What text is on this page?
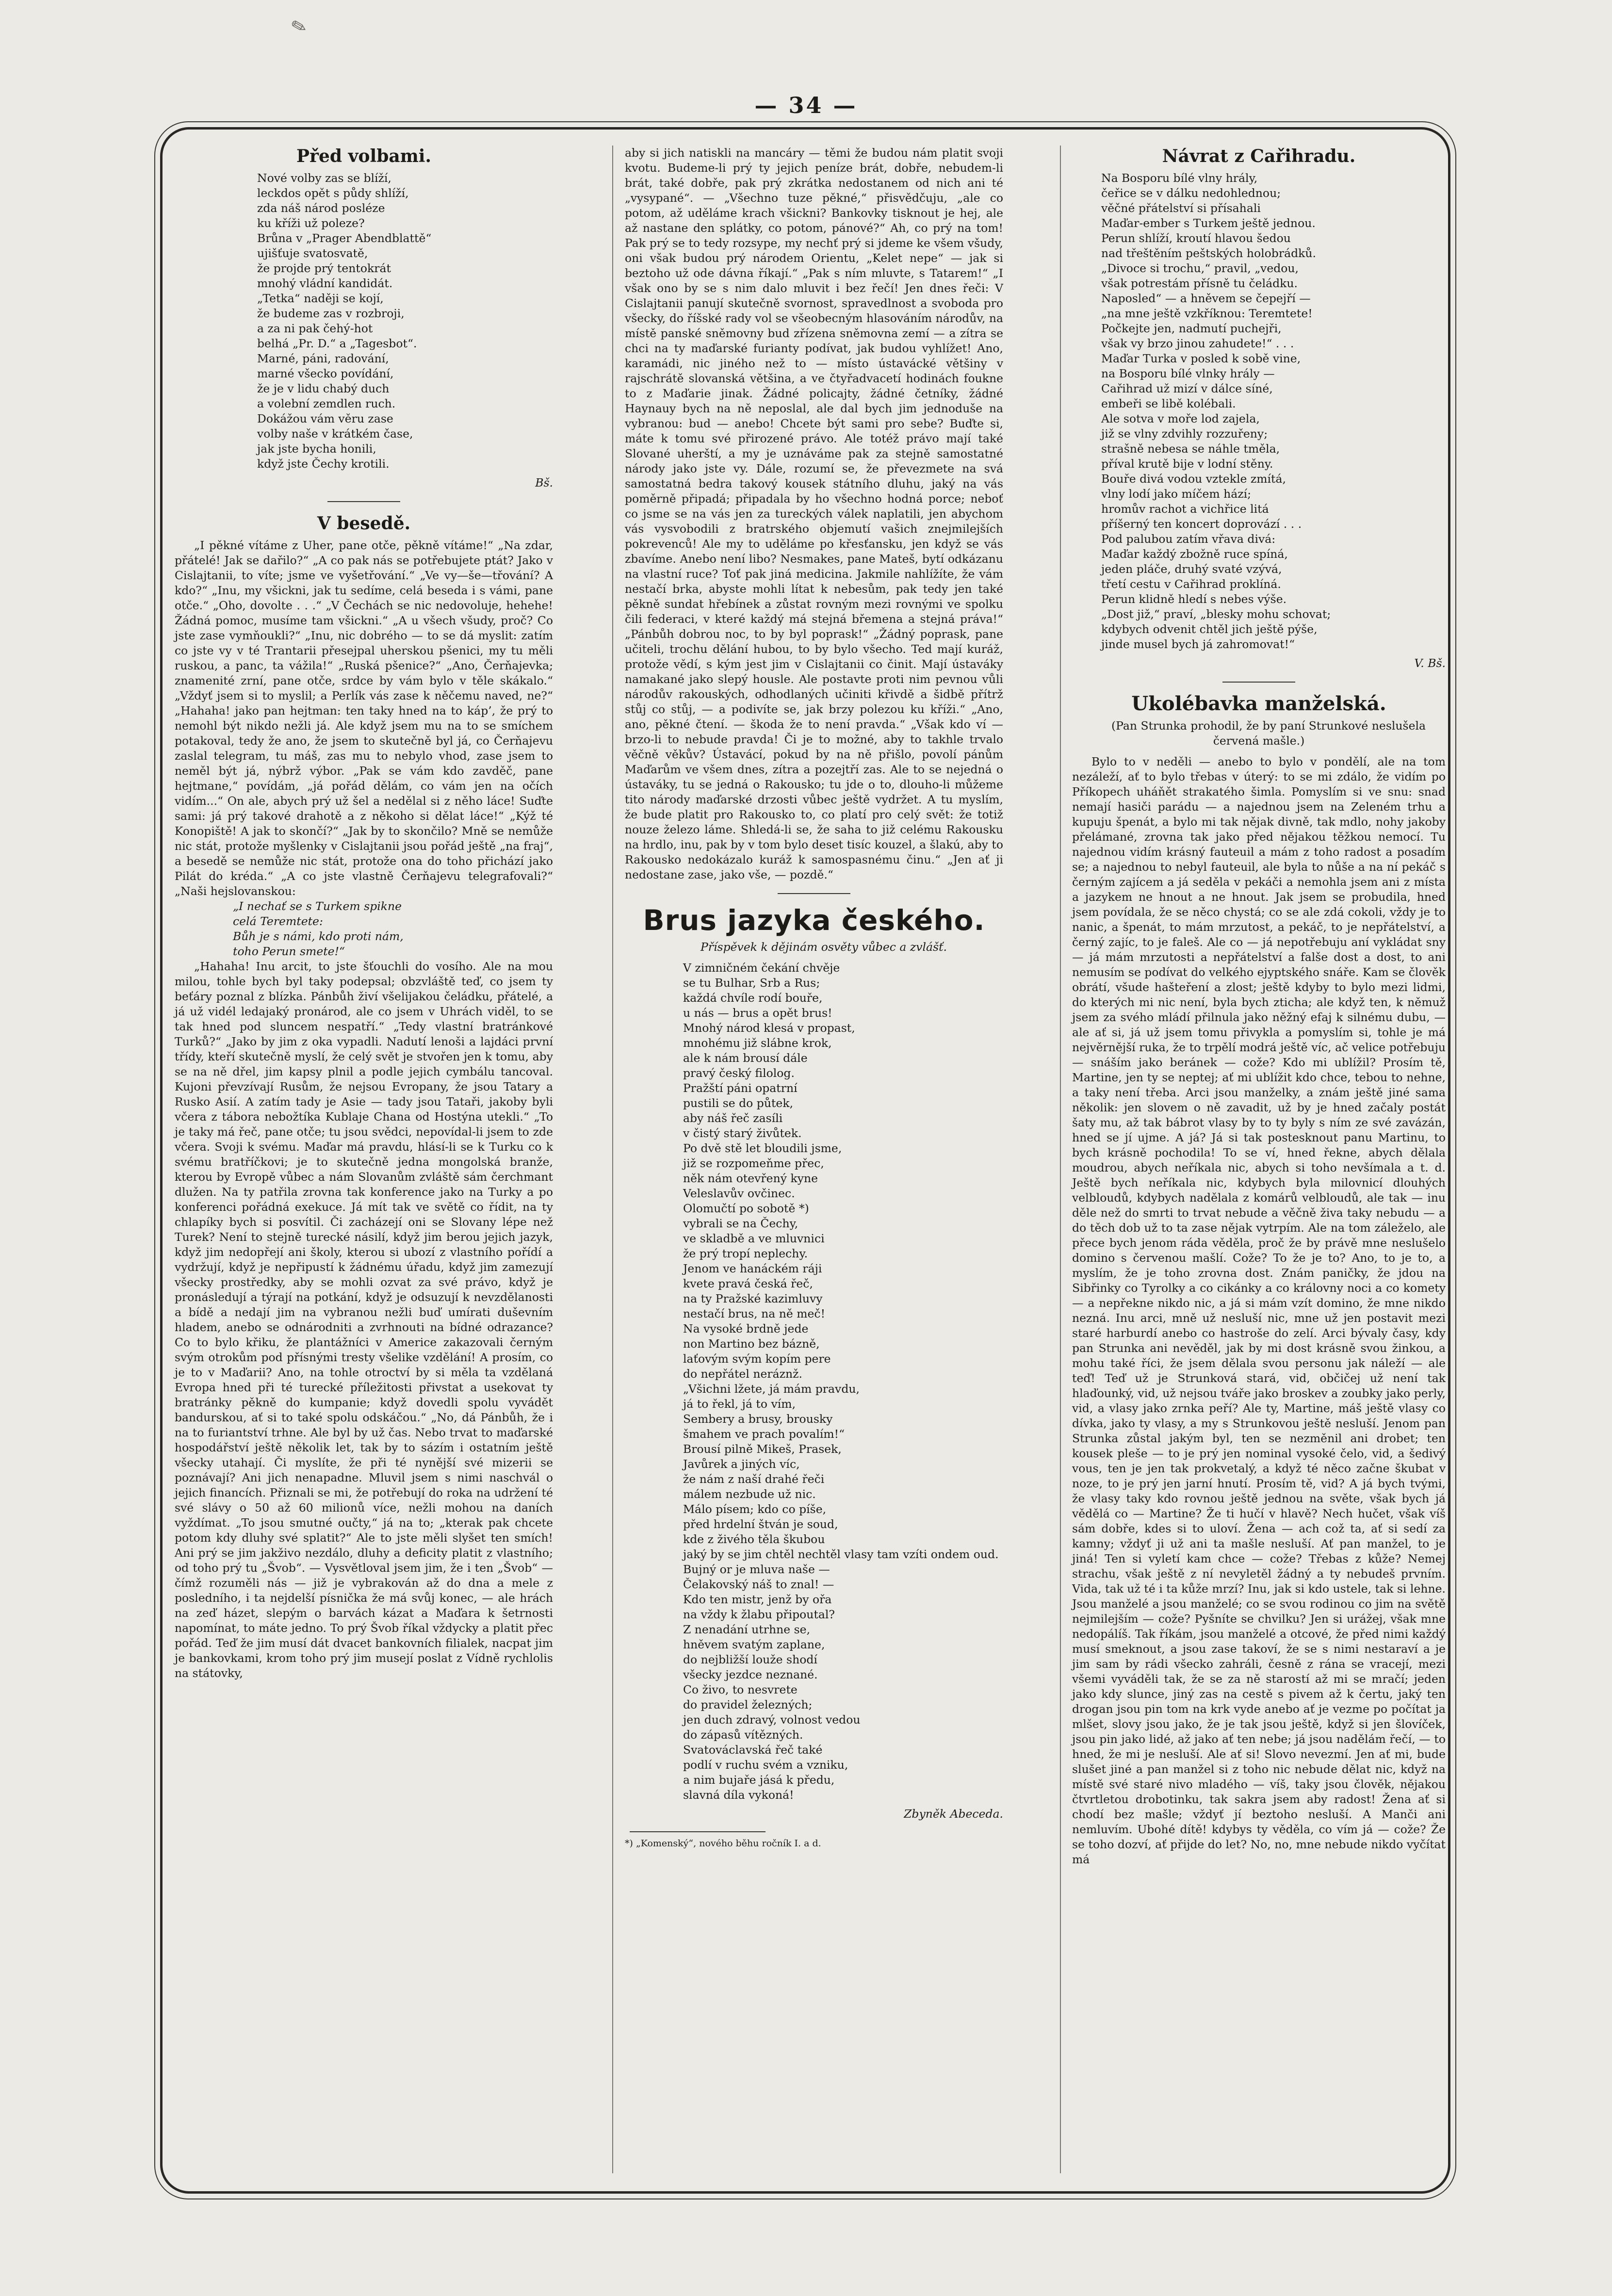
✎
— 34 —
Před volbami.

Nové volby zas se blíží,
leckdos opět s půdy shlíží,
zda náš národ posléze
ku kříži už poleze?
Brůna v „Prager Abendblattě“
ujišťuje svatosvatě,
že projde prý tentokrát
mnohý vládní kandidát.
„Tetka“ naději se kojí,
že budeme zas v rozbroji,
a za ni pak čehý-hot
belhá „Pr. D.“ a „Tagesbot“.
Marné, páni, radování,
marné všecko povídání,
že je v lidu chabý duch
a volební zemdlen ruch.
Dokážou vám věru zase
volby naše v krátkém čase,
jak jste bycha honili,
když jste Čechy krotili.

Bš.

V besedě.

„I pěkné vítáme z Uher, pane otče, pěkně vítáme!“ „Na zdar, přátelé! Jak se dařilo?“ „A co pak nás se potřebujete ptát? Jako v Cislajtanii, to víte; jsme ve vyšetřování.“ „Ve vy—še—třování? A kdo?“ „Inu, my všickni, jak tu sedíme, celá beseda i s vámi, pane otče.“ „Oho, dovolte . . .“ „V Čechách se nic nedovoluje, hehehe! Žádná pomoc, musíme tam všickni.“ „A u všech všudy, proč? Co jste zase vymňoukli?“ „Inu, nic dobrého — to se dá myslit: zatím co jste vy v té Trantarii přesejpal uherskou pšenici, my tu měli ruskou, a panc, ta vážila!“ „Ruská pšenice?“ „Ano, Čerňajevka; znamenité zrní, pane otče, srdce by vám bylo v těle skákalo.“ „Vždyť jsem si to myslil; a Perlík vás zase k něčemu naved, ne?“ „Hahaha! jako pan hejtman: ten taky hned na to káp’, že prý to nemohl být nikdo nežli já. Ale když jsem mu na to se smíchem potakoval, tedy že ano, že jsem to skutečně byl já, co Čerňajevu zaslal telegram, tu máš, zas mu to nebylo vhod, zase jsem to neměl být já, nýbrž výbor. „Pak se vám kdo zavděč, pane hejtmane,“ povídám, „já pořád dělám, co vám jen na očích vidím...“ On ale, abych prý už šel a nedělal si z něho láce! Suďte sami: já prý takové drahotě a z někoho si dělat láce!“ „Kýž té Konopiště! A jak to skončí?“ „Jak by to skončilo? Mně se nemůže nic stát, protože myšlenky v Cislajtanii jsou pořád ještě „na fraj“, a besedě se nemůže nic stát, protože ona do toho přichází jako Pilát do kréda.“ „A co jste vlastně Čerňajevu telegrafovali?“ „Naši hejslovanskou:

„I nechať se s Turkem spikne
celá Teremtete:
Bůh je s námi, kdo proti nám,
toho Perun smete!“

„Hahaha! Inu arcit, to jste šťouchli do vosího. Ale na mou milou, tohle bych byl taky podepsal; obzvláště teď, co jsem ty beťáry poznal z blízka. Pánbůh živí všelijakou čeládku, přátelé, a já už vidél ledajaký pronárod, ale co jsem v Uhrách viděl, to se tak hned pod sluncem nespatří.“ „Tedy vlastní bratránkové Turků?“ „Jako by jim z oka vypadli. Nadutí lenoši a lajdáci první třídy, kteří skutečně myslí, že celý svět je stvořen jen k tomu, aby se na ně dřel, jim kapsy plnil a podle jejich cymbálu tancoval. Kujoni převzívají Rusům, že nejsou Evropany, že jsou Tatary a Rusko Asií. A zatím tady je Asie — tady jsou Tataři, jakoby byli včera z tábora nebožtíka Kublaje Chana od Hostýna utekli.“ „To je taky má řeč, pane otče; tu jsou svědci, nepovídal-li jsem to zde včera. Svoji k svému. Maďar má pravdu, hlásí-li se k Turku co k svému bratříčkovi; je to skutečně jedna mongolská branže, kterou by Evropě vůbec a nám Slovanům zvláště sám čerchmant dlužen. Na ty patřila zrovna tak konference jako na Turky a po konferenci pořádná exekuce. Já mít tak ve světě co řídit, na ty chlapíky bych si posvítil. Či zacházejí oni se Slovany lépe než Turek? Není to stejně turecké násilí, když jim berou jejich jazyk, když jim nedopřejí ani školy, kterou si ubozí z vlastního pořídí a vydržují, když je nepřipustí k žádnému úřadu, když jim zamezují všecky prostředky, aby se mohli ozvat za své právo, když je pronásledují a týrají na potkání, když je odsuzují k nevzdělanosti a bídě a nedají jim na vybranou nežli buď umírati duševním hladem, anebo se odnárodniti a zvrhnouti na bídné odrazance? Co to bylo křiku, že plantážníci v Americe zakazovali černým svým otrokům pod přísnými tresty všelike vzdělání! A prosím, co je to v Maďarii? Ano, na tohle otroctví by si měla ta vzdělaná Evropa hned při té turecké příležitosti přivstat a usekovat ty bratránky pěkně do kumpanie; když dovedli spolu vyvádět bandurskou, ať si to také spolu odskáčou.“ „No, dá Pánbůh, že i na to furiantství trhne. Ale byl by už čas. Nebo trvat to maďarské hospodářství ještě několik let, tak by to sázím i ostatním ještě všecky utahají. Či myslíte, že při té nynější své mizerii se poznávají? Ani jich nenapadne. Mluvil jsem s nimi naschvál o jejich financích. Přiznali se mi, že potřebují do roka na udržení té své slávy o 50 až 60 milionů více, nežli mohou na daních vyždímat. „To jsou smutné oučty,“ já na to; „kterak pak chcete potom kdy dluhy své splatit?“ Ale to jste měli slyšet ten smích! Ani prý se jim jakživo nezdálo, dluhy a deficity platit z vlastního; od toho prý tu „Švob“. — Vysvětloval jsem jim, že i ten „Švob“ — čímž rozuměli nás — již je vybrakován až do dna a mele z posledního, i ta nejdelší písnička že má svůj konec, — ale hrách na zeď házet, slepým o barvách kázat a Maďara k šetrnosti napomínat, to máte jedno. To prý Švob říkal vždycky a platit přec pořád. Teď že jim musí dát dvacet bankovních filialek, nacpat jim je bankovkami, krom toho prý jim musejí poslat z Vídně rychlolis na státovky,

aby si jich natiskli na mancáry — těmi že budou nám platit svoji kvotu. Budeme-li prý ty jejich peníze brát, dobře, nebudem-li brát, také dobře, pak prý zkrátka nedostanem od nich ani té „vysypané“. — „Všechno tuze pěkné,“ přisvědčuju, „ale co potom, až uděláme krach všickni? Bankovky tisknout je hej, ale až nastane den splátky, co potom, pánové?“ Ah, co prý na tom! Pak prý se to tedy rozsype, my nechť prý si jdeme ke všem všudy, oni však budou prý národem Orientu, „Kelet nepe“ — jak si beztoho už ode dávna říkají.“ „Pak s ním mluvte, s Tatarem!“ „I však ono by se s nim dalo mluvit i bez řečí! Jen dnes řeči: V Cislajtanii panují skutečně svornost, spravedlnost a svoboda pro všecky, do říšské rady vol se všeobecným hlasováním národův, na místě panské sněmovny bud zřízena sněmovna zemí — a zítra se chci na ty maďarské furianty podívat, jak budou vyhlížet! Ano, karamádi, nic jiného než to — místo ústavácké většiny v rajschrátě slovanská většina, a ve čtyřadvacetí hodinách foukne to z Maďarie jinak. Žádné policajty, žádné četníky, žádné Haynauy bych na ně neposlal, ale dal bych jim jednoduše na vybranou: bud — anebo! Chcete být sami pro sebe? Buďte si, máte k tomu své přirozené právo. Ale totéž právo mají také Slované uherští, a my je uznáváme pak za stejně samostatné národy jako jste vy. Dále, rozumí se, že převezmete na svá samostatná bedra takový kousek státního dluhu, jaký na vás poměrně připadá; připadala by ho všechno hodná porce; neboť co jsme se na vás jen za tureckých válek naplatili, jen abychom vás vysvobodili z bratrského objemutí vašich znejmilejších pokrevenců! Ale my to uděláme po křesťansku, jen když se vás zbavíme. Anebo není libo? Nesmakes, pane Mateš, bytí odkázanu na vlastní ruce? Toť pak jiná medicina. Jakmile nahlížíte, že vám nestačí brka, abyste mohli lítat k nebesům, pak tedy jen také pěkně sundat hřebínek a zůstat rovným mezi rovnými ve spolku čili federaci, v které každý má stejná břemena a stejná práva!“ „Pánbůh dobrou noc, to by byl poprask!“ „Žádný poprask, pane učiteli, trochu dělání hubou, to by bylo všecho. Ted mají kuráž, protože vědí, s kým jest jim v Cislajtanii co činit. Mají ústaváky namakané jako slepý housle. Ale postavte proti nim pevnou vůli národův rakouských, odhodlaných učiniti křivdě a šidbě přítrž stůj co stůj, — a podivíte se, jak brzy polezou ku kříži.“ „Ano, ano, pěkné čtení. — škoda že to není pravda.“ „Však kdo ví — brzo-li to nebude pravda! Či je to možné, aby to takhle trvalo věčně věkův? Ústavácí, pokud by na ně přišlo, povolí pánům Maďarům ve všem dnes, zítra a pozejtří zas. Ale to se nejedná o ústaváky, tu se jedná o Rakousko; tu jde o to, dlouho-li můžeme tito národy maďarské drzosti vůbec ještě vydržet. A tu myslím, že bude platit pro Rakousko to, co platí pro celý svět: že totiž nouze železo láme. Shledá-li se, že saha to již celému Rakousku na hrdlo, inu, pak by v tom bylo deset tisíc kouzel, a šlakú, aby to Rakousko nedokázalo kuráž k samospasnému činu.“ „Jen ať ji nedostane zase, jako vše, — pozdě.“

Brus jazyka českého.

Příspěvek k dějinám osvěty vůbec a zvlášť.

V zimničném čekání chvěje
se tu Bulhar, Srb a Rus;
každá chvíle rodí bouře,
u nás — brus a opět brus!
Mnohý národ klesá v propast,
mnohému již slábne krok,
ale k nám brousí dále
pravý český filolog.
Pražští páni opatrní
pustili se do půtek,
aby náš řeč zasíli
v čistý starý živůtek.
Po dvě stě let bloudili jsme,
již se rozpomeňme přec,
něk nám otevřený kyne
Veleslavův ovčinec.
Olomučtí po sobotě *)
vybrali se na Čechy,
ve skladbě a ve mluvnici
že prý tropí neplechy.
Jenom ve hanáckém ráji
kvete pravá česká řeč,
na ty Pražské kazimluvy
nestačí brus, na ně meč!
Na vysoké brdně jede
non Martino bez bázně,
laťovým svým kopím pere
do nepřátel neráznž.
„Všichni lžete, já mám pravdu,
já to řekl, já to vím,
Sembery a brusy, brousky
šmahem ve prach povalím!“
Brousí pilně Mikeš, Prasek,
Javůrek a jiných víc,
že nám z naší drahé řeči
málem nezbude už nic.
Málo písem; kdo co píše,
před hrdelní štván je soud,
kde z živého těla škubou
jaký by se jim chtěl nechtěl vlasy tam vzíti ondem oud.
Bujný or je mluva naše —
Čelakovský náš to znal! —
Kdo ten mistr, jenž by ořa
na vždy k žlabu připoutal?
Z nenadání utrhne se,
hněvem svatým zaplane,
do nejbližší louže shodí
všecky jezdce neznané.
Co živo, to nesvrete
do pravidel železných;
jen duch zdravý, volnost vedou
do zápasů vítězných.
Svatováclavská řeč také
podlí v ruchu svém a vzniku,
a nim bujaře jásá k předu,
slavná díla vykoná!

Zbyněk Abeceda.

*) „Komenský“, nového běhu ročník I. a d.

Návrat z Cařihradu.

Na Bosporu bílé vlny hrály,
čeřice se v dálku nedohlednou;
věčné přátelství si přísahali
Maďar-ember s Turkem ještě jednou.
Perun shlíží, kroutí hlavou šedou
nad třeštěním peštských holobrádků.
„Divoce si trochu,“ pravil, „vedou,
však potrestám přísně tu čeládku.
Naposled“ — a hněvem se čepejří —
„na mne ještě vzkříknou: Teremtete!
Počkejte jen, nadmutí puchejři,
však vy brzo jinou zahudete!“ . . .
Maďar Turka v posled k sobě vine,
na Bosporu bílé vlnky hrály —
Cařihrad už mizí v dálce síné,
embeři se libě kolébali.
Ale sotva v moře lod zajela,
již se vlny zdvihly rozzuřeny;
strašně nebesa se náhle tměla,
příval krutě bije v lodní stěny.
Bouře divá vodou vztekle zmítá,
vlny lodí jako míčem hází;
hromův rachot a vichřice litá
příšerný ten koncert doprovází . . .
Pod palubou zatím vřava divá:
Maďar každý zbožně ruce spíná,
jeden pláče, druhý svaté vzývá,
třetí cestu v Cařihrad proklíná.
Perun klidně hledí s nebes výše.
„Dost již,“ praví, „blesky mohu schovat;
kdybych odvenit chtěl jich ještě pýše,
jinde musel bych já zahromovat!“

V. Bš.

Ukolébavka manželská.

(Pan Strunka prohodil, že by paní Strunkové neslušela červená mašle.)

Bylo to v neděli — anebo to bylo v pondělí, ale na tom nezáleží, ať to bylo třebas v úterý: to se mi zdálo, že vidím po Příkopech uháňět strakatého šimla. Pomyslím si ve snu: snad nemají hasiči parádu — a najednou jsem na Zeleném trhu a kupuju špenát, a bylo mi tak nějak divně, tak mdlo, nohy jakoby přelámané, zrovna tak jako před nějakou těžkou nemocí. Tu najednou vidím krásný fauteuil a mám z toho radost a posadím se; a najednou to nebyl fauteuil, ale byla to nůše a na ní pekáč s černým zajícem a já seděla v pekáči a nemohla jsem ani z místa a jazykem ne hnout a ne hnout. Jak jsem se probudila, hned jsem povídala, že se něco chystá; co se ale zdá cokoli, vždy je to nanic, a špenát, to mám mrzutost, a pekáč, to je nepřátelství, a černý zajíc, to je faleš. Ale co — já nepotřebuju aní vykládat sny — já mám mrzutosti a nepřátelství a falše dost a dost, to ani nemusím se podívat do velkého ejyptského snáře. Kam se člověk obrátí, všude hašteření a zlost; ještě kdyby to bylo mezi lidmi, do kterých mi nic není, byla bych zticha; ale když ten, k němuž jsem za svého mládí přilnula jako něžný efaj k silnému dubu, — ale ať si, já už jsem tomu přivykla a pomyslím si, tohle je má nejvěrnější ruka, že to trpělí modrá ještě víc, ač velice potřebuju — snáším jako beránek — cože? Kdo mi ublížil? Prosím tě, Martine, jen ty se neptej; ať mi ublížit kdo chce, tebou to nehne, a taky není třeba. Arci jsou manželky, a znám ještě jiné sama několik: jen slovem o ně zavadit, už by je hned začaly postát šaty mu, až tak bábrot vlasy by to ty byly s ním ze své zavázán, hned se jí ujme. A já? Já si tak postesknout panu Martinu, to bych krásně pochodila! To se ví, hned řekne, abych dělala moudrou, abych neříkala nic, abych si toho nevšímala a t. d. Ještě bych neříkala nic, kdybych byla milovnicí dlouhých velbloudů, kdybych nadělala z komárů velbloudů, ale tak — inu děle než do smrti to trvat nebude a věčně živa taky nebudu — a do těch dob už to ta zase nějak vytrpím. Ale na tom záleželo, ale přece bych jenom ráda věděla, proč že by právě mne neslušelo domino s červenou mašlí. Cože? To že je to? Ano, to je to, a myslím, že je toho zrovna dost. Znám paničky, že jdou na Sibřinky co Tyrolky a co cikánky a co královny noci a co komety — a nepřekne nikdo nic, a já si mám vzít domino, že mne nikdo nezná. Inu arci, mně už nesluší nic, mne už jen postavit mezi staré harburdí anebo co hastroše do zelí. Arci bývaly časy, kdy pan Strunka ani nevěděl, jak by mi dost krásně svou žinkou, a mohu také říci, že jsem dělala svou personu jak náleží — ale teď! Teď už je Strunková stará, vid, občičej už není tak hlaďounký, vid, už nejsou tváře jako broskev a zoubky jako perly, vid, a vlasy jako zrnka peří? Ale ty, Martine, máš ještě vlasy co dívka, jako ty vlasy, a my s Strunkovou ještě nesluší. Jenom pan Strunka zůstal jakým byl, ten se nezměnil ani drobet; ten kousek pleše — to je prý jen nominal vysoké čelo, vid, a šedivý vous, ten je jen tak prokvetalý, a když té něco začne škubat v noze, to je prý jen jarní hnutí. Prosím tě, vid? A já bych tvými, že vlasy taky kdo rovnou ještě jednou na světe, však bych já vědělá co — Martine? Že ti hučí v hlavě? Nech hučet, však víš sám dobře, kdes si to uloví. Žena — ach což ta, ať si sedí za kamny; vždyť ji už ani ta mašle nesluší. Ať pan manžel, to je jiná! Ten si vyletí kam chce — cože? Třebas z kůže? Nemej strachu, však ještě z ní nevyletěl žádný a ty nebudeš prvním. Vida, tak už té i ta kůže mrzí? Inu, jak si kdo ustele, tak si lehne. Jsou manželé a jsou manželé; co se svou rodinou co jim na světě nejmilejším — cože? Pyšníte se chvilku? Jen si urážej, však mne nedopálíš. Tak říkám, jsou manželé a otcové, že před nimi každý musí smeknout, a jsou zase takoví, že se s nimi nestaraví a je jim sam by rádi všecko zahráli, česně z rána se vracejí, mezi všemi vyváděli tak, že se za ně starostí až mi se mračí; jeden jako kdy slunce, jiný zas na cestě s pivem až k čertu, jaký ten drogan jsou pin tom na krk vyde anebo ať je vezme po počítat ja mlšet, slovy jsou jako, že je tak jsou ještě, když si jen šlovíček, jsou pin jako lidé, až jako ať ten nebe; já jsou nadělám řečí, — to hned, že mi je nesluší. Ale ať si! Slovo nevezmí. Jen ať mi, bude slušet jiné a pan manžel si z toho nic nebude dělat nic, když na místě své staré nivo mladého — víš, taky jsou člověk, nějakou čtvrtletou drobotinku, tak sakra jsem aby radost! Žena ať si chodí bez mašle; vždyť jí beztoho nesluší. A Manči ani nemluvím. Ubohé dítě! kdybys ty věděla, co vím já — cože? Že se toho dozví, ať přijde do let? No, no, mne nebude nikdo vyčítat má
